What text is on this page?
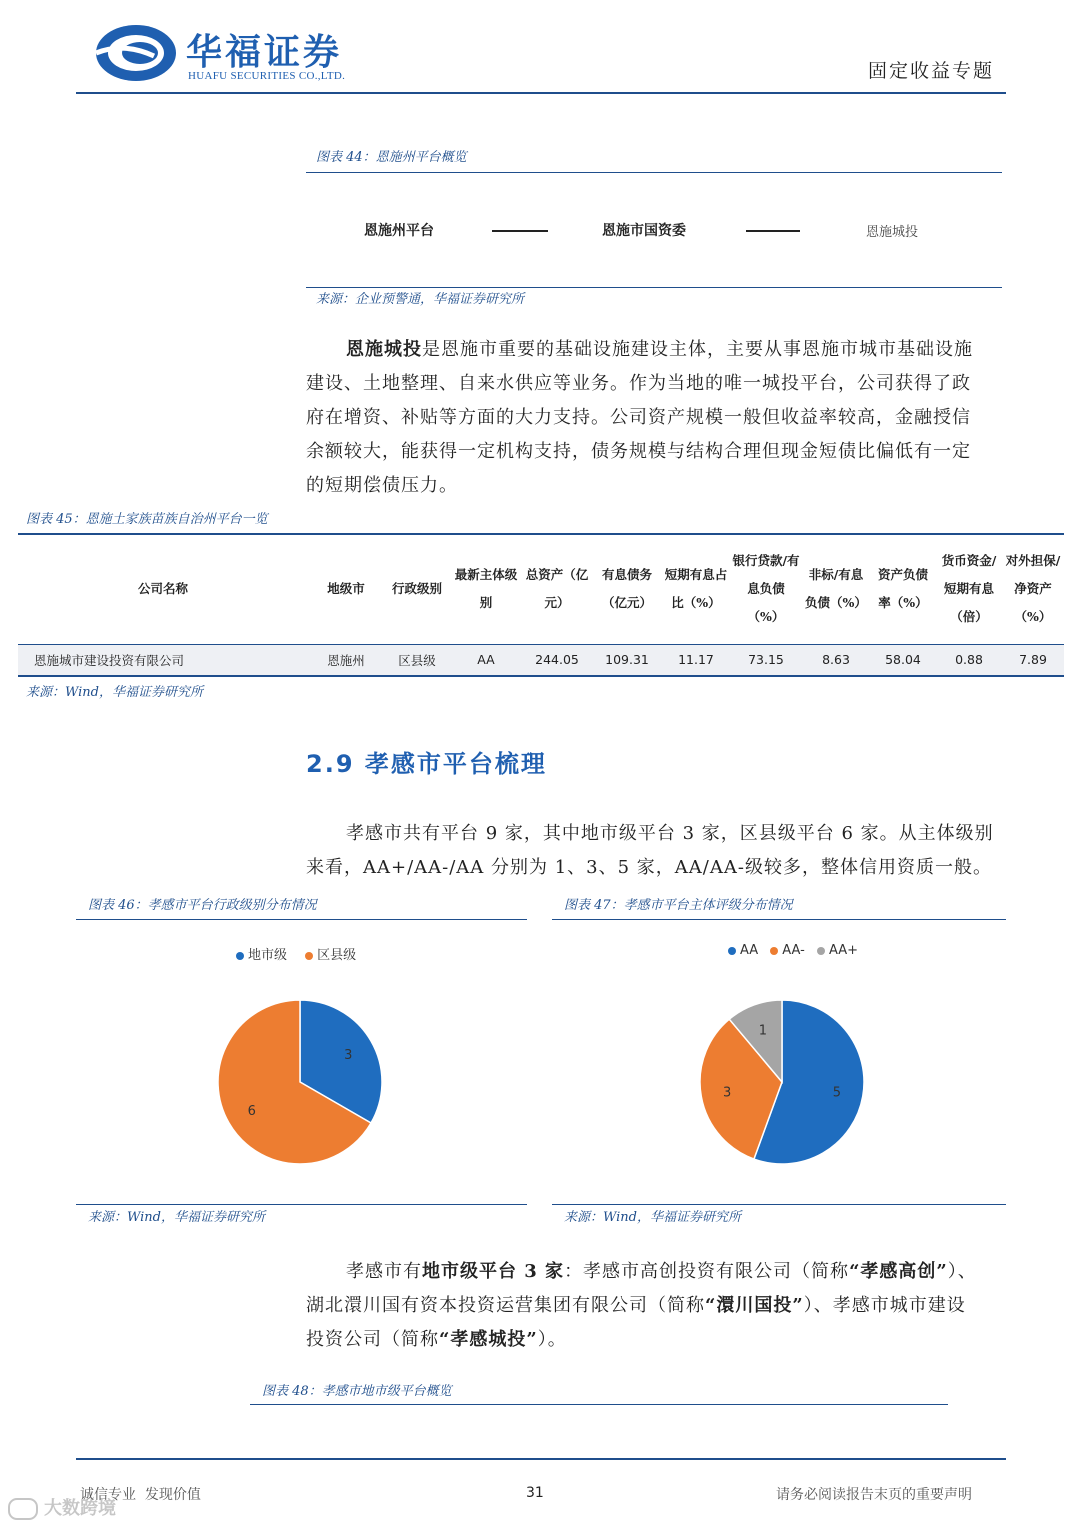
华福证券
HUAFU SECURITIES CO.,LTD.	固定收益专题
图表 44：恩施州平台概览
恩施州平台	恩施市国资委	恩施城投
来源：企业预警通，华福证券研究所
恩施城投是恩施市重要的基础设施建设主体，主要从事恩施市城市基础设施
建设、土地整理、自来水供应等业务。作为当地的唯一城投平台，公司获得了政
府在增资、补贴等方面的大力支持。公司资产规模一般但收益率较高，金融授信
余额较大，能获得一定机构支持，债务规模与结构合理但现金短债比偏低有一定
的短期偿债压力。
图表 45：恩施土家族苗族自治州平台一览
公司名称	地级市	行政级别	最新主体级别	总资产（亿元）	有息债务（亿元）	短期有息占比（%）	银行贷款/有息负债（%）	非标/有息负债（%）	资产负债率（%）	货币资金/短期有息（倍）	对外担保/净资产（%）
恩施城市建设投资有限公司	恩施州	区县级	AA	244.05	109.31	11.17	73.15	8.63	58.04	0.88	7.89
来源：Wind，华福证券研究所
2.9 孝感市平台梳理
孝感市共有平台 9 家，其中地市级平台 3 家，区县级平台 6 家。从主体级别
来看，AA+/AA-/AA 分别为 1、3、5 家，AA/AA-级较多，整体信用资质一般。
图表 46：孝感市平台行政级别分布情况
地市级 区县级
3
6
来源：Wind，华福证券研究所
图表 47：孝感市平台主体评级分布情况
AA AA- AA+
5
3
1
来源：Wind，华福证券研究所
孝感市有地市级平台 3 家：孝感市高创投资有限公司（简称“孝感高创”）、
湖北澴川国有资本投资运营集团有限公司（简称“澴川国投”）、孝感市城市建设
投资公司（简称“孝感城投”）。
图表 48：孝感市地市级平台概览
诚信专业  发现价值	31	请务必阅读报告末页的重要声明
大数跨境
